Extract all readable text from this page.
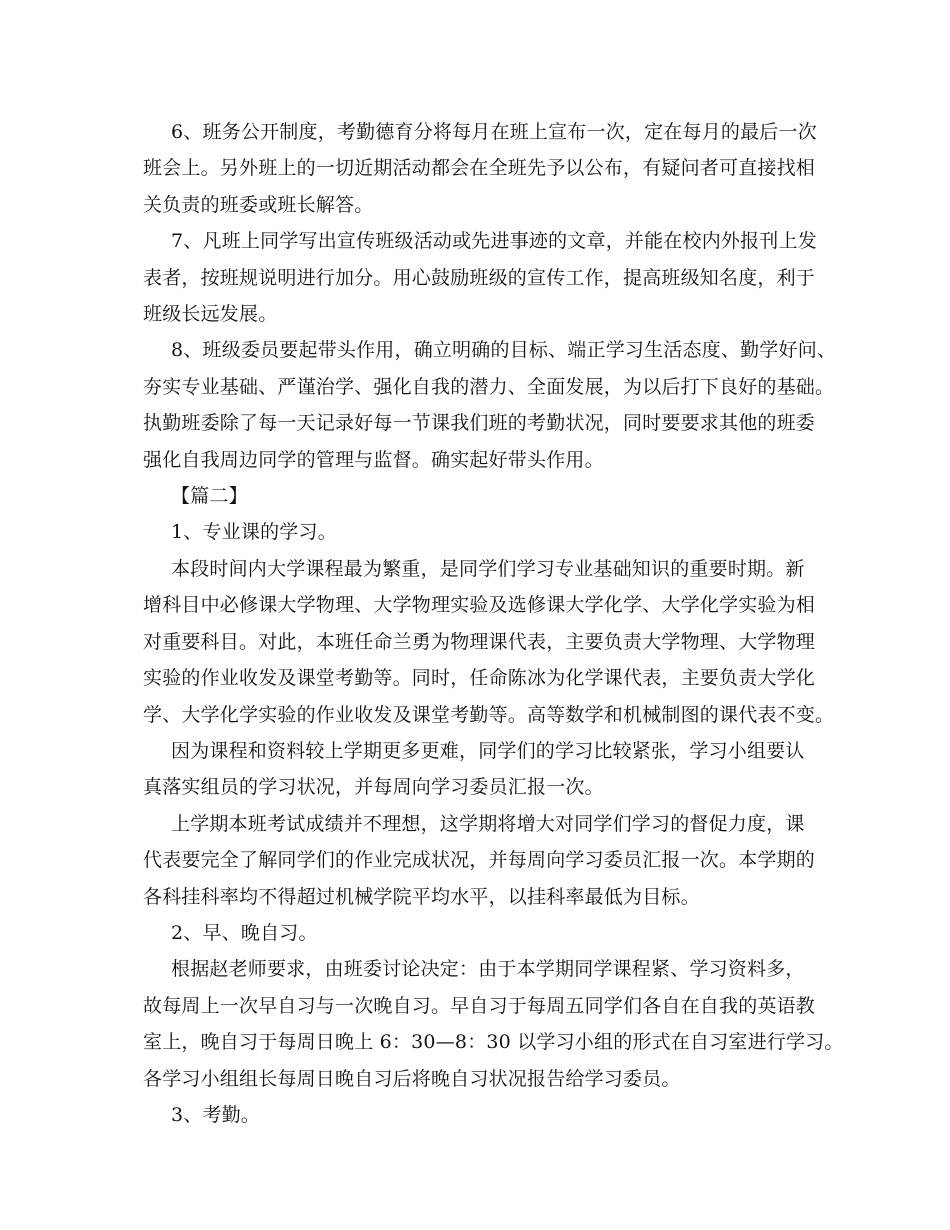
6、班务公开制度，考勤德育分将每月在班上宣布一次，定在每月的最后一次
班会上。另外班上的一切近期活动都会在全班先予以公布，有疑问者可直接找相
关负责的班委或班长解答。

7、凡班上同学写出宣传班级活动或先进事迹的文章，并能在校内外报刊上发
表者，按班规说明进行加分。用心鼓励班级的宣传工作，提高班级知名度，利于
班级长远发展。

8、班级委员要起带头作用，确立明确的目标、端正学习生活态度、勤学好问、
夯实专业基础、严谨治学、强化自我的潜力、全面发展，为以后打下良好的基础。
执勤班委除了每一天记录好每一节课我们班的考勤状况，同时要要求其他的班委
强化自我周边同学的管理与监督。确实起好带头作用。

【篇二】

1、专业课的学习。

本段时间内大学课程最为繁重，是同学们学习专业基础知识的重要时期。新
增科目中必修课大学物理、大学物理实验及选修课大学化学、大学化学实验为相
对重要科目。对此，本班任命兰勇为物理课代表，主要负责大学物理、大学物理
实验的作业收发及课堂考勤等。同时，任命陈冰为化学课代表，主要负责大学化
学、大学化学实验的作业收发及课堂考勤等。高等数学和机械制图的课代表不变。

因为课程和资料较上学期更多更难，同学们的学习比较紧张，学习小组要认
真落实组员的学习状况，并每周向学习委员汇报一次。

上学期本班考试成绩并不理想，这学期将增大对同学们学习的督促力度，课
代表要完全了解同学们的作业完成状况，并每周向学习委员汇报一次。本学期的
各科挂科率均不得超过机械学院平均水平，以挂科率最低为目标。

2、早、晚自习。

根据赵老师要求，由班委讨论决定：由于本学期同学课程紧、学习资料多，
故每周上一次早自习与一次晚自习。早自习于每周五同学们各自在自我的英语教
室上，晚自习于每周日晚上 6：30—8：30 以学习小组的形式在自习室进行学习。
各学习小组组长每周日晚自习后将晚自习状况报告给学习委员。

3、考勤。
